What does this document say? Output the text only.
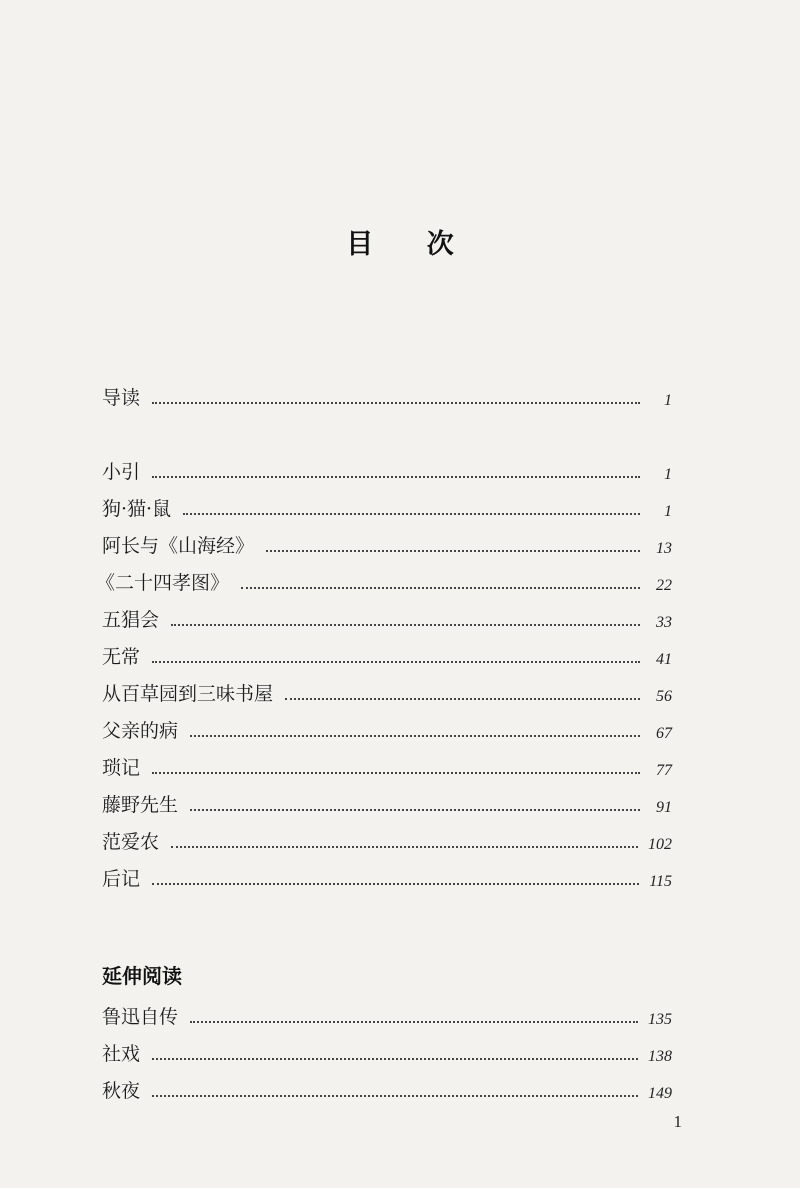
目 次
导读	1
小引	1
狗·猫·鼠	1
阿长与《山海经》	13
《二十四孝图》	22
五猖会	33
无常	41
从百草园到三味书屋	56
父亲的病	67
琐记	77
藤野先生	91
范爱农	102
后记	115
延伸阅读
鲁迅自传	135
社戏	138
秋夜	149
1
